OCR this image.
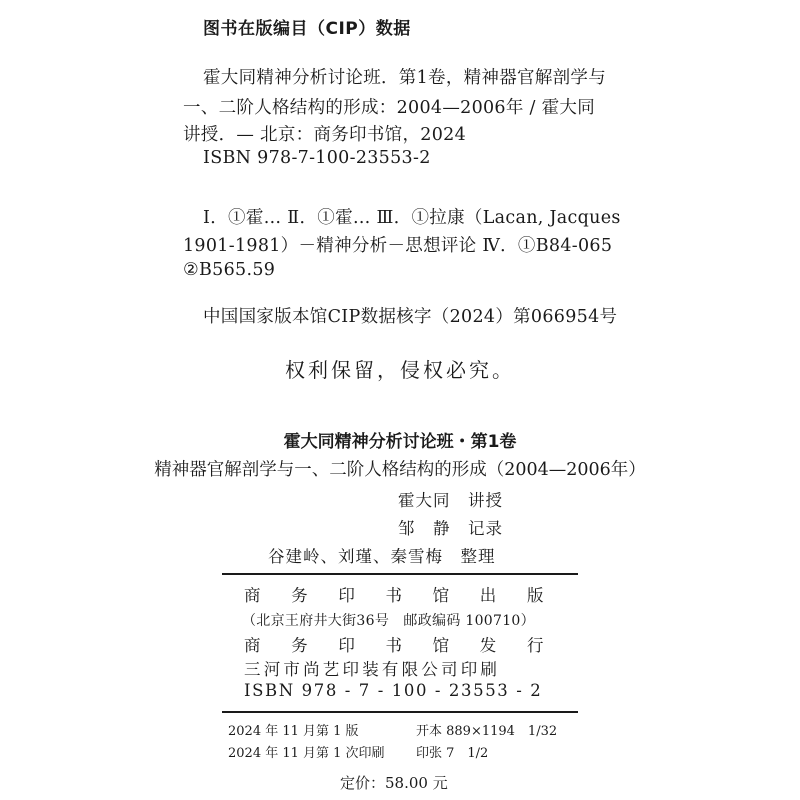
图书在版编目（CIP）数据
霍大同精神分析讨论班．第1卷，精神器官解剖学与
一、二阶人格结构的形成：2004—2006年 / 霍大同
讲授．— 北京：商务印书馆，2024
ISBN 978-7-100-23553-2
Ⅰ．①霍… Ⅱ．①霍… Ⅲ．①拉康（Lacan, Jacques
1901-1981）－精神分析－思想评论 Ⅳ．①B84-065
②B565.59
中国国家版本馆CIP数据核字（2024）第066954号
权利保留，侵权必究。
霍大同精神分析讨论班・第1卷
精神器官解剖学与一、二阶人格结构的形成（2004—2006年）
霍大同　讲授
邹　静　记录
谷建岭、刘瑾、秦雪梅　整理
商 务 印 书 馆 出 版
（北京王府井大街36号　邮政编码 100710）
商 务 印 书 馆 发 行
三河市尚艺印装有限公司印刷
ISBN 978 - 7 - 100 - 23553 - 2
2024 年 11 月第 1 版
2024 年 11 月第 1 次印刷
开本 889×1194　1/32
印张 7　1/2
定价：58.00 元
